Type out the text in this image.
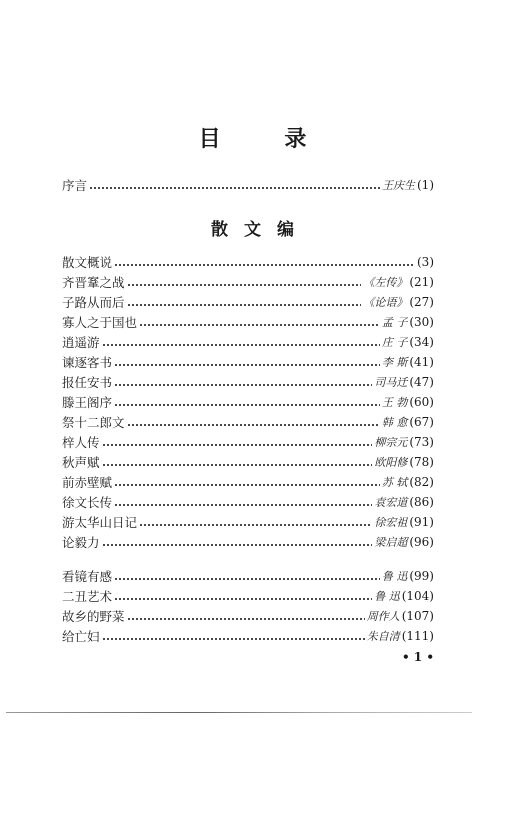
目 录
序言	王庆生 (1)
散文编
散文概说	(3)
齐晋鞌之战	《左传》 (21)
子路从而后	《论语》 (27)
寡人之于国也	孟 子 (30)
逍遥游	庄 子 (34)
谏逐客书	李 斯 (41)
报任安书	司马迁 (47)
滕王阁序	王 勃 (60)
祭十二郎文	韩 愈 (67)
梓人传	柳宗元 (73)
秋声赋	欧阳修 (78)
前赤壁赋	苏 轼 (82)
徐文长传	袁宏道 (86)
游太华山日记	徐宏祖 (91)
论毅力	梁启超 (96)
看镜有感	鲁 迅 (99)
二丑艺术	鲁 迅 (104)
故乡的野菜	周作人 (107)
给亡妇	朱自清 (111)
• 1 •
